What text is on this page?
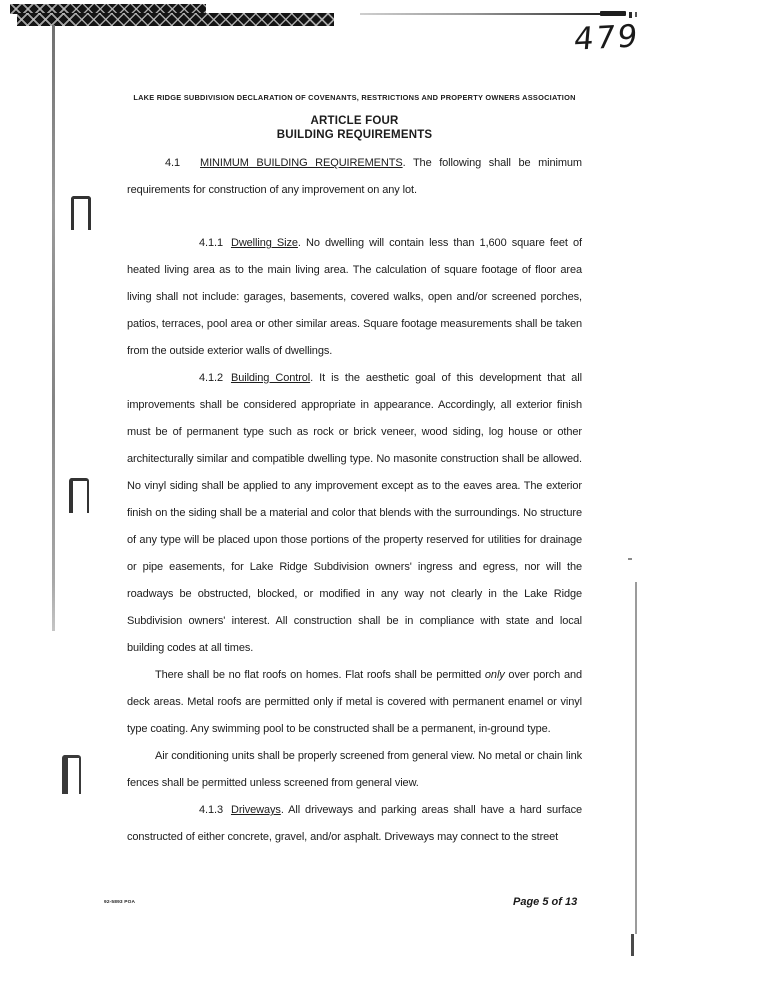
479
LAKE RIDGE SUBDIVISION DECLARATION OF COVENANTS, RESTRICTIONS AND PROPERTY OWNERS ASSOCIATION
ARTICLE FOUR
BUILDING REQUIREMENTS

4.1 MINIMUM BUILDING REQUIREMENTS. The following shall be minimum requirements for construction of any improvement on any lot.

4.1.1 Dwelling Size. No dwelling will contain less than 1,600 square feet of heated living area as to the main living area. The calculation of square footage of floor area living shall not include: garages, basements, covered walks, open and/or screened porches, patios, terraces, pool area or other similar areas. Square footage measurements shall be taken from the outside exterior walls of dwellings.

4.1.2 Building Control. It is the aesthetic goal of this development that all improvements shall be considered appropriate in appearance. Accordingly, all exterior finish must be of permanent type such as rock or brick veneer, wood siding, log house or other architecturally similar and compatible dwelling type. No masonite construction shall be allowed. No vinyl siding shall be applied to any improvement except as to the eaves area. The exterior finish on the siding shall be a material and color that blends with the surroundings. No structure of any type will be placed upon those portions of the property reserved for utilities for drainage or pipe easements, for Lake Ridge Subdivision owners' ingress and egress, nor will the roadways be obstructed, blocked, or modified in any way not clearly in the Lake Ridge Subdivision owners' interest. All construction shall be in compliance with state and local building codes at all times.

There shall be no flat roofs on homes. Flat roofs shall be permitted only over porch and deck areas. Metal roofs are permitted only if metal is covered with permanent enamel or vinyl type coating. Any swimming pool to be constructed shall be a permanent, in-ground type.

Air conditioning units shall be properly screened from general view. No metal or chain link fences shall be permitted unless screened from general view.

4.1.3 Driveways. All driveways and parking areas shall have a hard surface constructed of either concrete, gravel, and/or asphalt. Driveways may connect to the street

92-5893 POA	Page 5 of 13
